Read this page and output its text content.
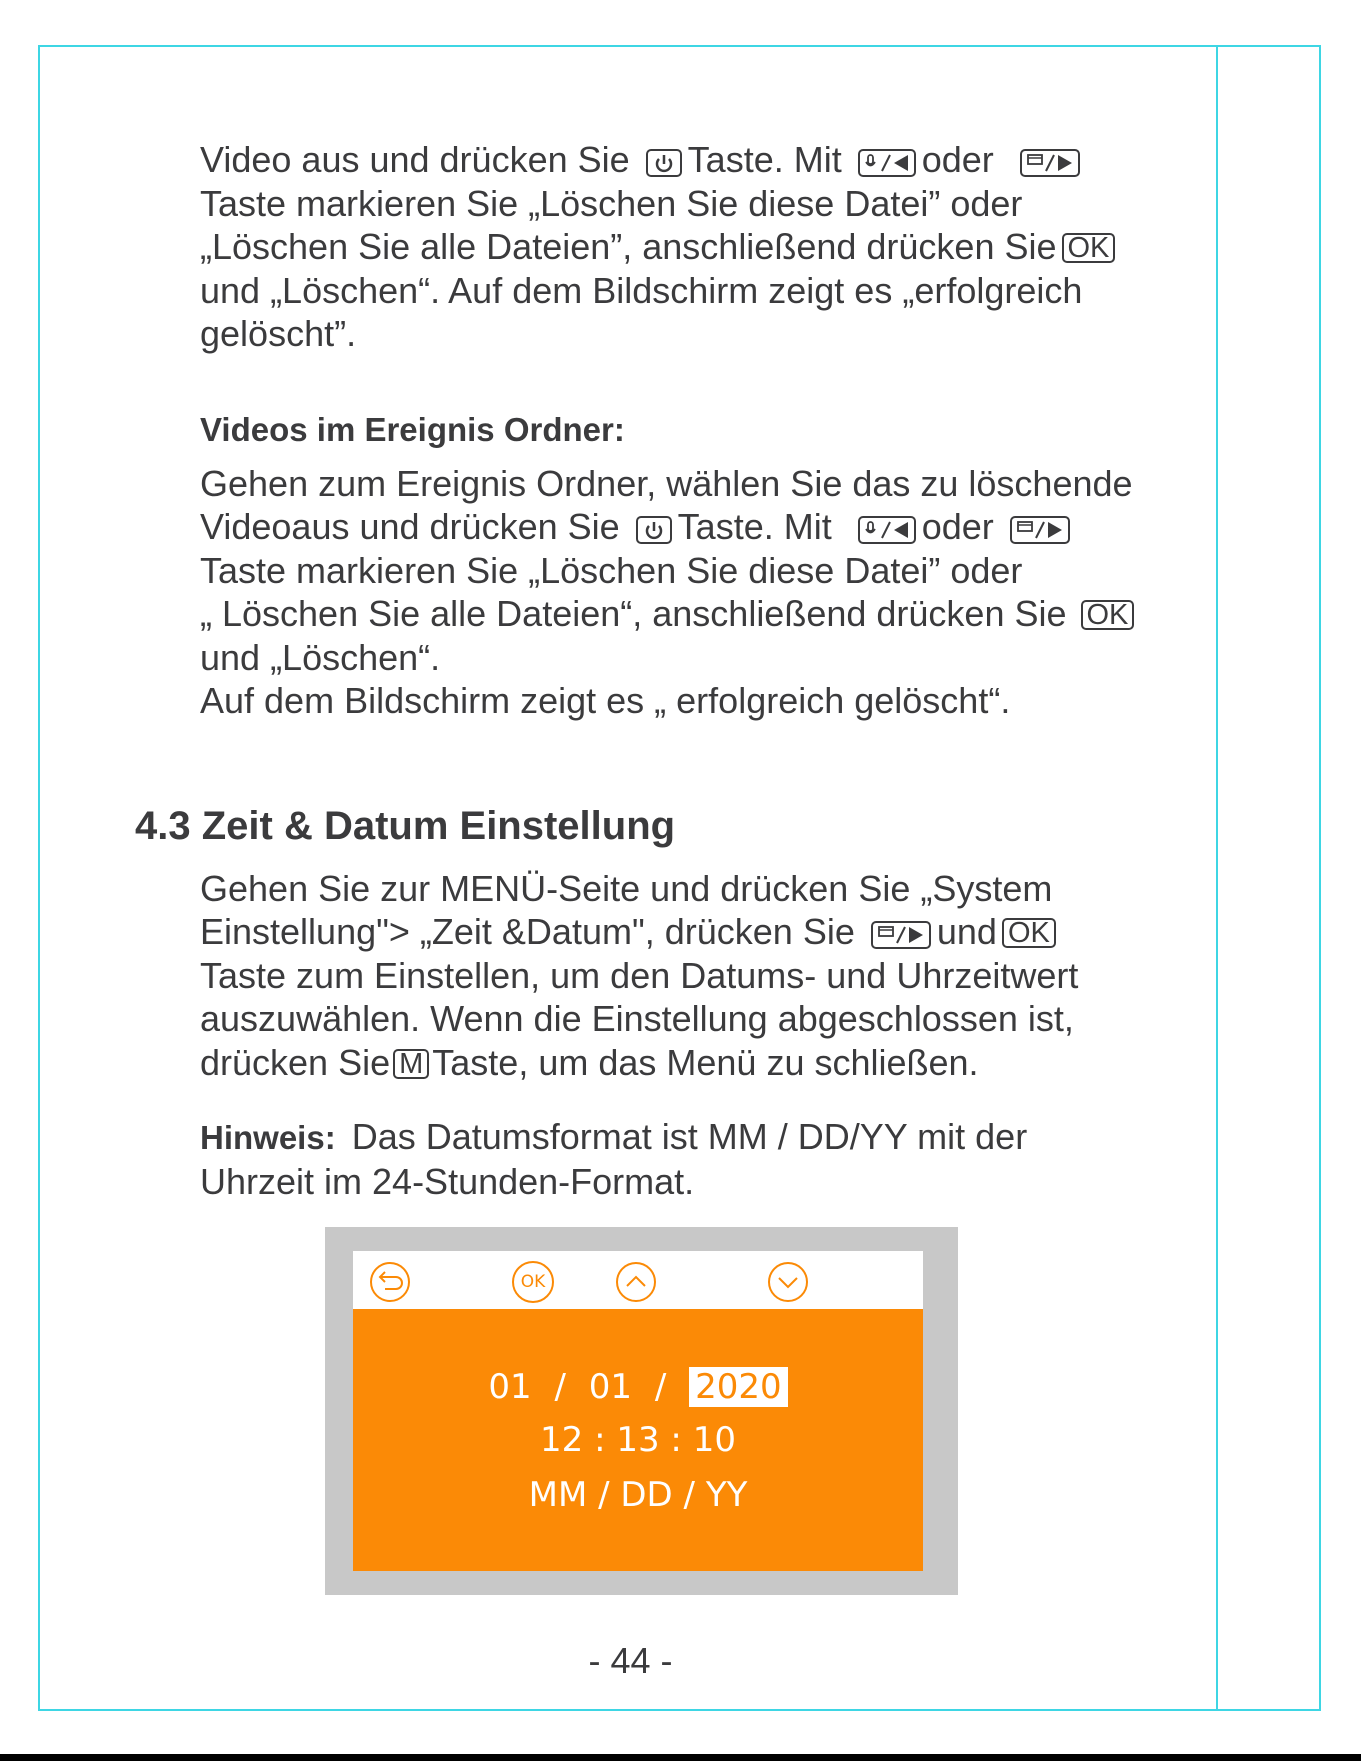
Video aus und drücken Sie Taste. Mit oder

Taste markieren Sie „Löschen Sie diese Datei” oder

„Löschen Sie alle Dateien”, anschließend drücken Sie OK

und „Löschen“. Auf dem Bildschirm zeigt es „erfolgreich

gelöscht”.

Videos im Ereignis Ordner:

Gehen zum Ereignis Ordner, wählen Sie das zu löschende

Videoaus und drücken Sie Taste. Mit	oder

Taste markieren Sie „Löschen Sie diese Datei” oder

„ Löschen Sie alle Dateien“, anschließend drücken Sie OK

und „Löschen“.

Auf dem Bildschirm zeigt es „ erfolgreich gelöscht“.

4.3 Zeit & Datum Einstellung

Gehen Sie zur MENÜ-Seite und drücken Sie „System

Einstellung"> „Zeit &Datum", drücken Sie und OK

Taste zum Einstellen, um den Datums- und Uhrzeitwert

auszuwählen. Wenn die Einstellung abgeschlossen ist,

drücken Sie M Taste, um das Menü zu schließen.

Hinweis: Das Datumsformat ist MM / DD/YY mit der

Uhrzeit im 24-Stunden-Format.

OK
01 / 01 / 2020
12 : 13 : 10
MM / DD / YY
- 44 -
